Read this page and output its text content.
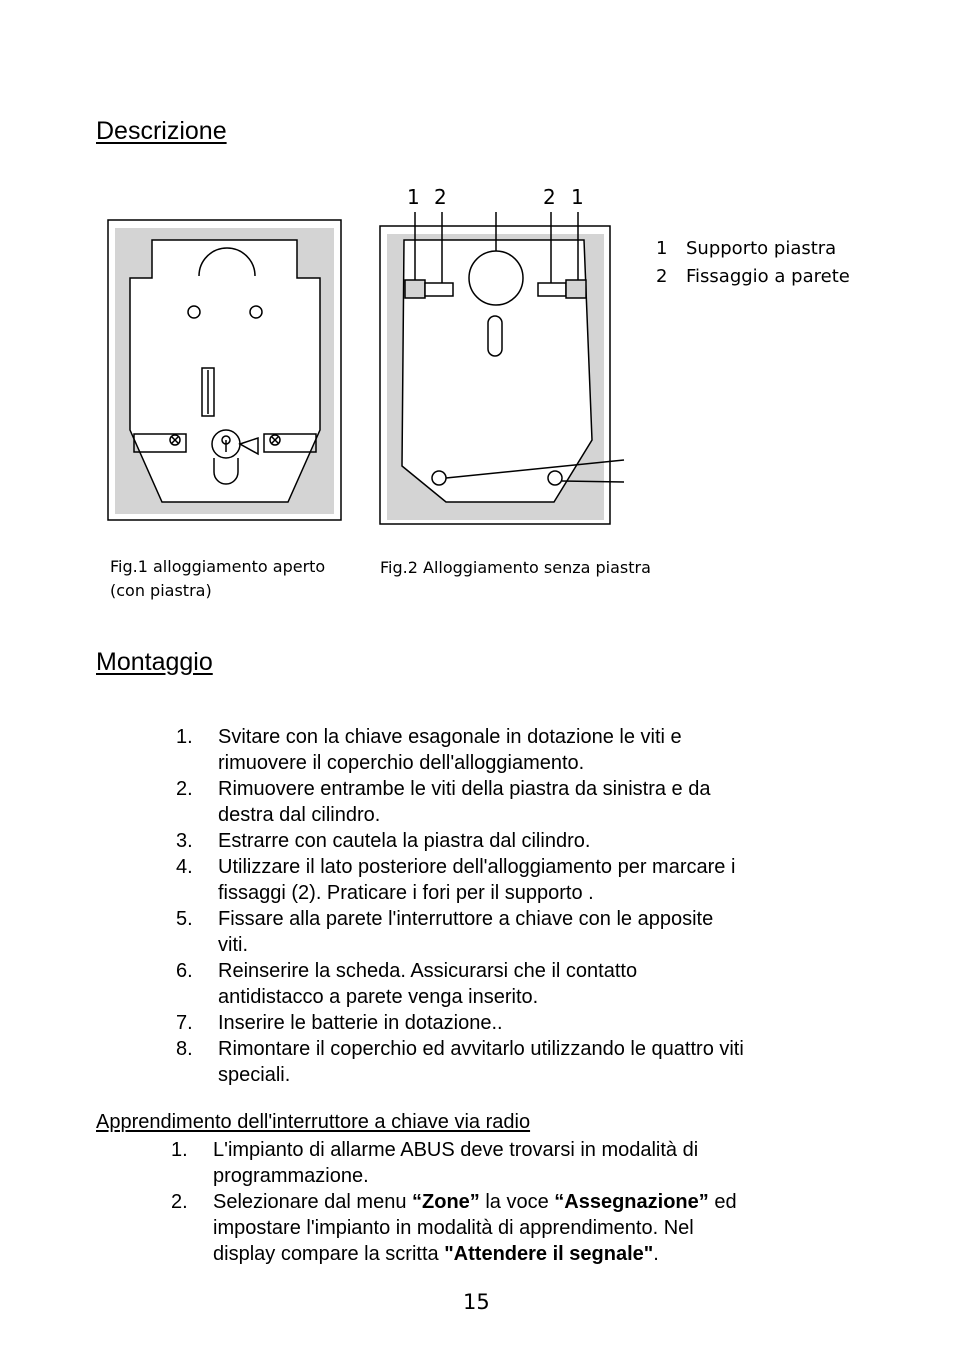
Descrizione
1 2	2 1
1 Supporto piastra
2 Fissaggio a parete
Fig.1 alloggiamento aperto
(con piastra)
Fig.2 Alloggiamento senza piastra
Montaggio
1. Svitare con la chiave esagonale in dotazione le viti e
rimuovere il coperchio dell'alloggiamento.
2. Rimuovere entrambe le viti della piastra da sinistra e da
destra dal cilindro.
3. Estrarre con cautela la piastra dal cilindro.
4. Utilizzare il lato posteriore dell'alloggiamento per marcare i
fissaggi (2). Praticare i fori per il supporto .
5. Fissare alla parete l'interruttore a chiave con le apposite
viti.
6. Reinserire la scheda. Assicurarsi che il contatto
antidistacco a parete venga inserito.
7. Inserire le batterie in dotazione..
8. Rimontare il coperchio ed avvitarlo utilizzando le quattro viti
speciali.
Apprendimento dell'interruttore a chiave via radio
1. L'impianto di allarme ABUS deve trovarsi in modalità di
programmazione.
2. Selezionare dal menu “Zone” la voce “Assegnazione” ed
impostare l'impianto in modalità di apprendimento. Nel
display compare la scritta "Attendere il segnale".
15
